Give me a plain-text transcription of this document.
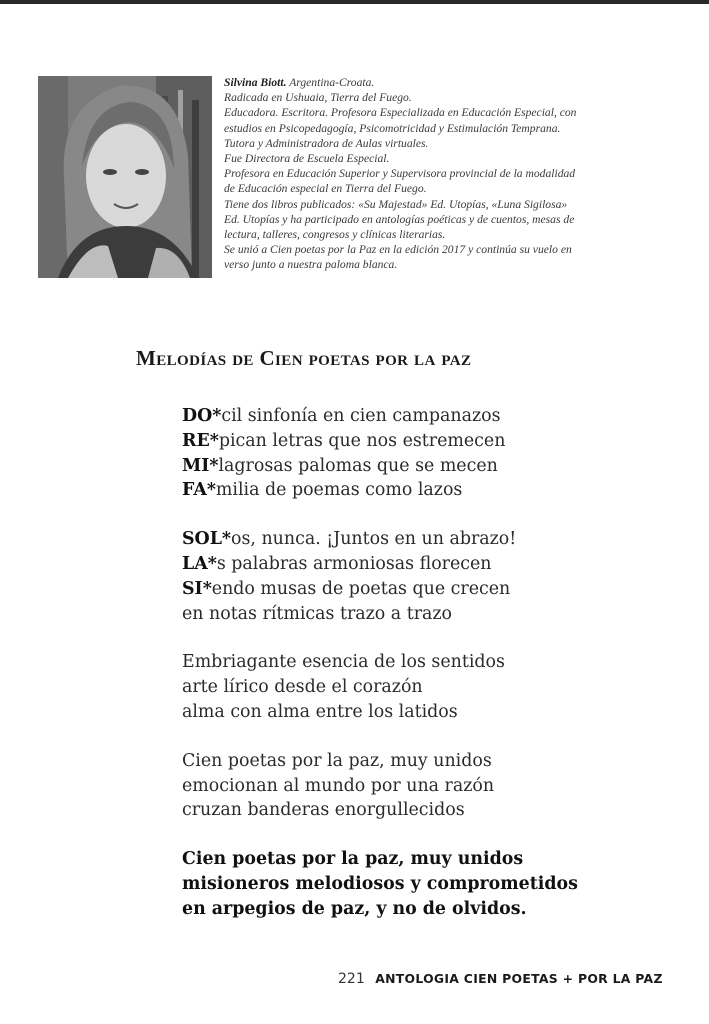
Silvina Biott. Argentina-Croata.
Radicada en Ushuaia, Tierra del Fuego.
Educadora. Escritora. Profesora Especializada en Educación Especial, con
estudios en Psicopedagogía, Psicomotricidad y Estimulación Temprana.
Tutora y Administradora de Aulas virtuales.
Fue Directora de Escuela Especial.
Profesora en Educación Superior y Supervisora provincial de la modalidad
de Educación especial en Tierra del Fuego.
Tiene dos libros publicados: «Su Majestad» Ed. Utopías, «Luna Sigilosa»
Ed. Utopías y ha participado en antologías poéticas y de cuentos, mesas de
lectura, talleres, congresos y clínicas literarias.
Se unió a Cien poetas por la Paz en la edición 2017 y continúa su vuelo en
verso junto a nuestra paloma blanca.
Melodías de Cien poetas por la paz
DO*cil sinfonía en cien campanazos
RE*pican letras que nos estremecen
MI*lagrosas palomas que se mecen
FA*milia de poemas como lazos
SOL*os, nunca. ¡Juntos en un abrazo!
LA*s palabras armoniosas florecen
SI*endo musas de poetas que crecen
en notas rítmicas trazo a trazo
Embriagante esencia de los sentidos
arte lírico desde el corazón
alma con alma entre los latidos
Cien poetas por la paz, muy unidos
emocionan al mundo por una razón
cruzan banderas enorgullecidos
Cien poetas por la paz, muy unidos
misioneros melodiosos y comprometidos
en arpegios de paz, y no de olvidos.
221 ANTOLOGIA CIEN POETAS + POR LA PAZ
